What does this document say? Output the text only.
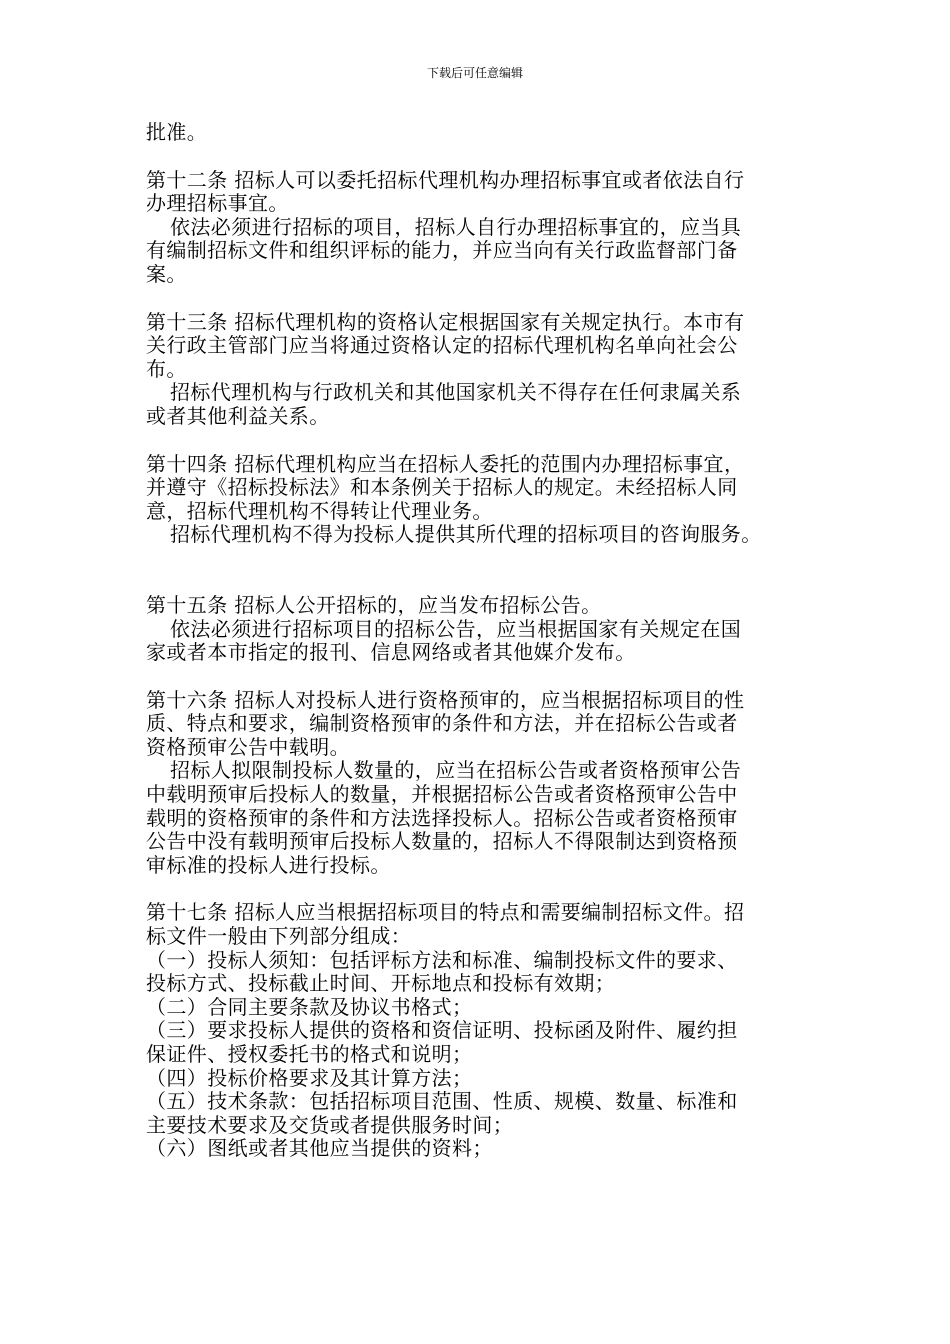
下载后可任意编辑
批准。
第十二条 招标人可以委托招标代理机构办理招标事宜或者依法自行
办理招标事宜。
依法必须进行招标的项目，招标人自行办理招标事宜的，应当具
有编制招标文件和组织评标的能力，并应当向有关行政监督部门备
案。
第十三条 招标代理机构的资格认定根据国家有关规定执行。本市有
关行政主管部门应当将通过资格认定的招标代理机构名单向社会公
布。
招标代理机构与行政机关和其他国家机关不得存在任何隶属关系
或者其他利益关系。
第十四条 招标代理机构应当在招标人委托的范围内办理招标事宜，
并遵守《招标投标法》和本条例关于招标人的规定。未经招标人同
意，招标代理机构不得转让代理业务。
招标代理机构不得为投标人提供其所代理的招标项目的咨询服务。
第十五条 招标人公开招标的，应当发布招标公告。
依法必须进行招标项目的招标公告，应当根据国家有关规定在国
家或者本市指定的报刊、信息网络或者其他媒介发布。
第十六条 招标人对投标人进行资格预审的，应当根据招标项目的性
质、特点和要求，编制资格预审的条件和方法，并在招标公告或者
资格预审公告中载明。
招标人拟限制投标人数量的，应当在招标公告或者资格预审公告
中载明预审后投标人的数量，并根据招标公告或者资格预审公告中
载明的资格预审的条件和方法选择投标人。招标公告或者资格预审
公告中没有载明预审后投标人数量的，招标人不得限制达到资格预
审标准的投标人进行投标。
第十七条 招标人应当根据招标项目的特点和需要编制招标文件。招
标文件一般由下列部分组成：
（一）投标人须知：包括评标方法和标准、编制投标文件的要求、
投标方式、投标截止时间、开标地点和投标有效期；
（二）合同主要条款及协议书格式；
（三）要求投标人提供的资格和资信证明、投标函及附件、履约担
保证件、授权委托书的格式和说明；
（四）投标价格要求及其计算方法；
（五）技术条款：包括招标项目范围、性质、规模、数量、标准和
主要技术要求及交货或者提供服务时间；
（六）图纸或者其他应当提供的资料；
